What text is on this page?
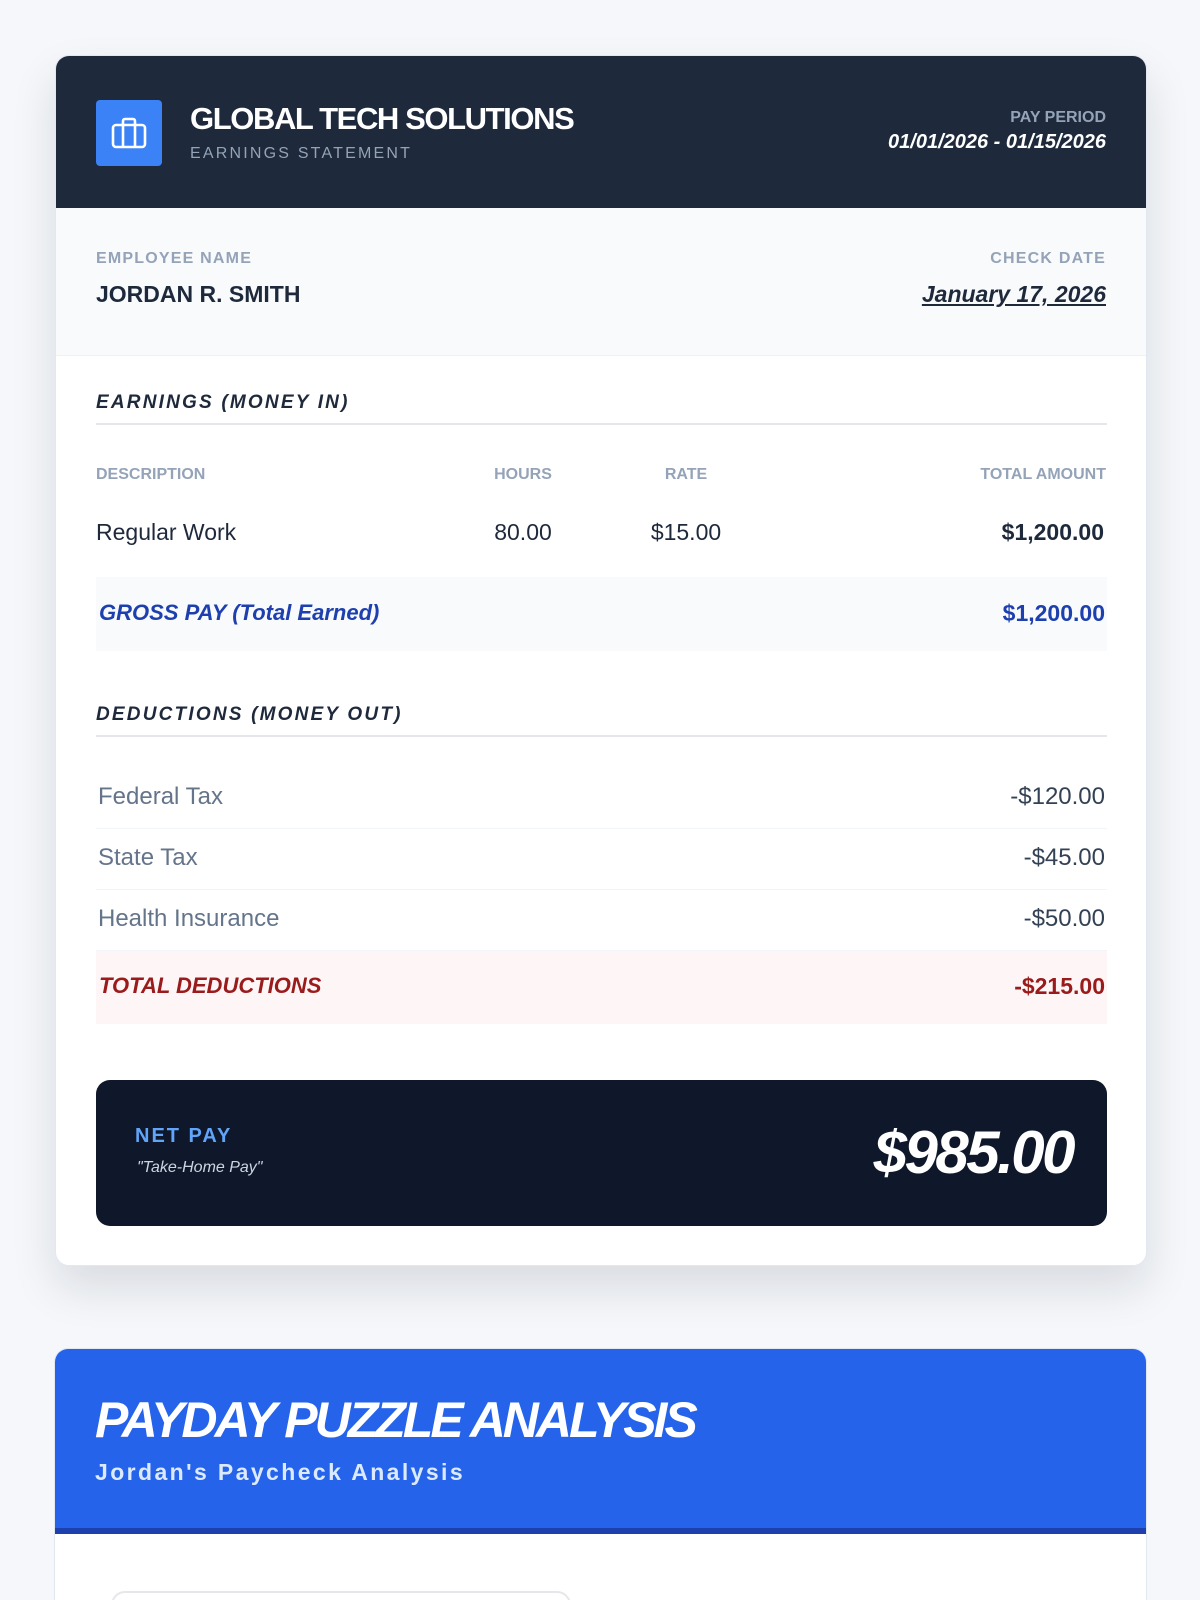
GLOBAL TECH SOLUTIONS
EARNINGS STATEMENT
PAY PERIOD
01/01/2026 - 01/15/2026
EMPLOYEE NAME
JORDAN R. SMITH
CHECK DATE
January 17, 2026
EARNINGS (MONEY IN)
DESCRIPTION	HOURS	RATE	TOTAL AMOUNT
Regular Work	80.00	$15.00	$1,200.00
GROSS PAY (Total Earned)	$1,200.00
DEDUCTIONS (MONEY OUT)
Federal Tax	-$120.00
State Tax	-$45.00
Health Insurance	-$50.00
TOTAL DEDUCTIONS	-$215.00
NET PAY
"Take-Home Pay"	$985.00
PAYDAY PUZZLE ANALYSIS
Jordan's Paycheck Analysis
